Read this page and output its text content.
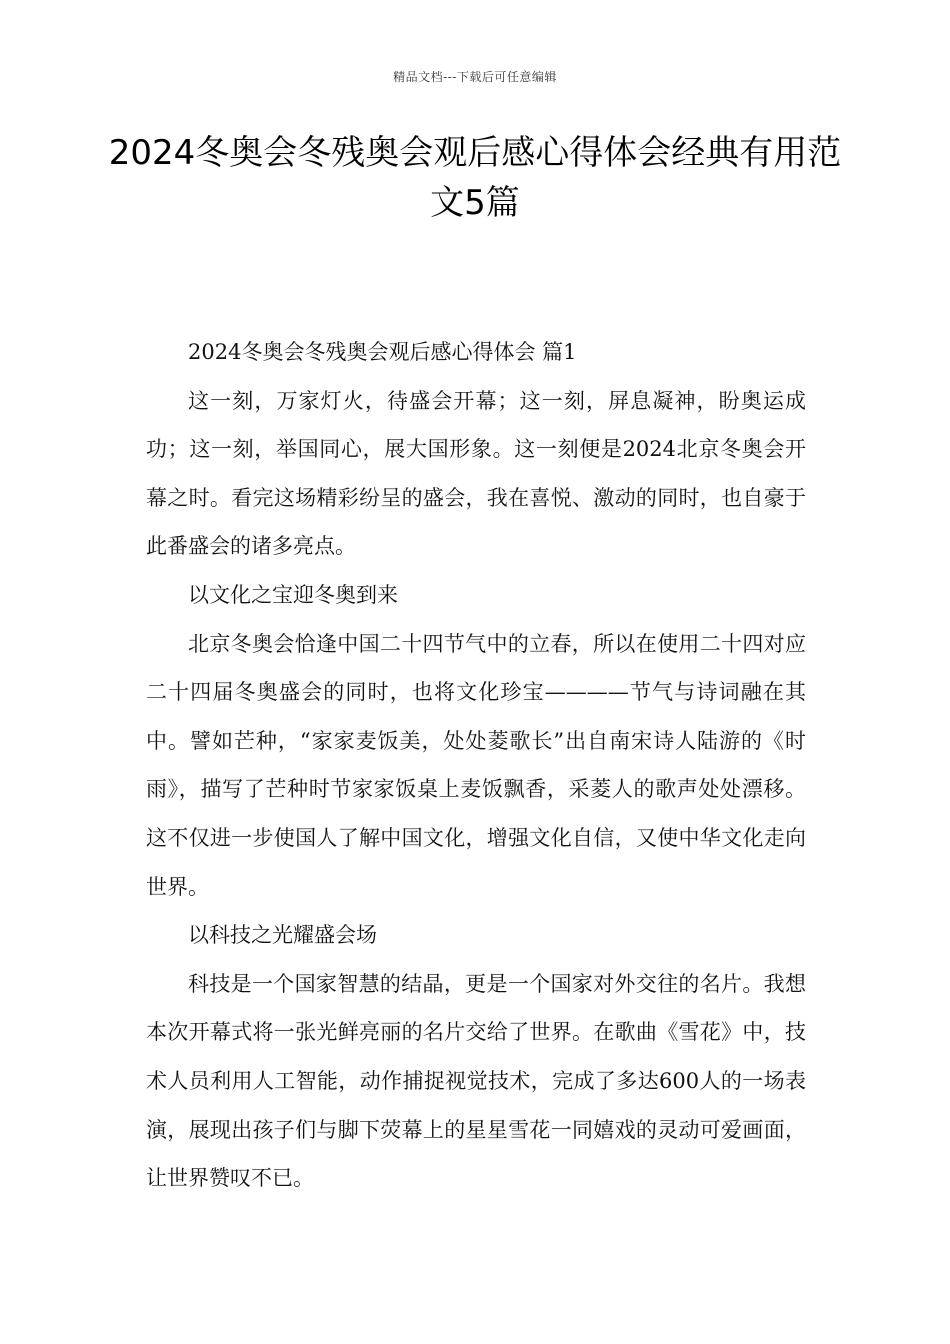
精品文档---下载后可任意编辑
2024冬奥会冬残奥会观后感心得体会经典有用范文5篇

2024冬奥会冬残奥会观后感心得体会 篇1

这一刻，万家灯火，待盛会开幕；这一刻，屏息凝神，盼奥运成功；这一刻，举国同心，展大国形象。这一刻便是2024北京冬奥会开幕之时。看完这场精彩纷呈的盛会，我在喜悦、激动的同时，也自豪于此番盛会的诸多亮点。

以文化之宝迎冬奥到来

北京冬奥会恰逢中国二十四节气中的立春，所以在使用二十四对应二十四届冬奥盛会的同时，也将文化珍宝————节气与诗词融在其中。譬如芒种，“家家麦饭美，处处菱歌长”出自南宋诗人陆游的《时雨》，描写了芒种时节家家饭桌上麦饭飘香，采菱人的歌声处处漂移。这不仅进一步使国人了解中国文化，增强文化自信，又使中华文化走向世界。

以科技之光耀盛会场

科技是一个国家智慧的结晶，更是一个国家对外交往的名片。我想本次开幕式将一张光鲜亮丽的名片交给了世界。在歌曲《雪花》中，技术人员利用人工智能，动作捕捉视觉技术，完成了多达600人的一场表演，展现出孩子们与脚下荧幕上的星星雪花一同嬉戏的灵动可爱画面，让世界赞叹不已。
